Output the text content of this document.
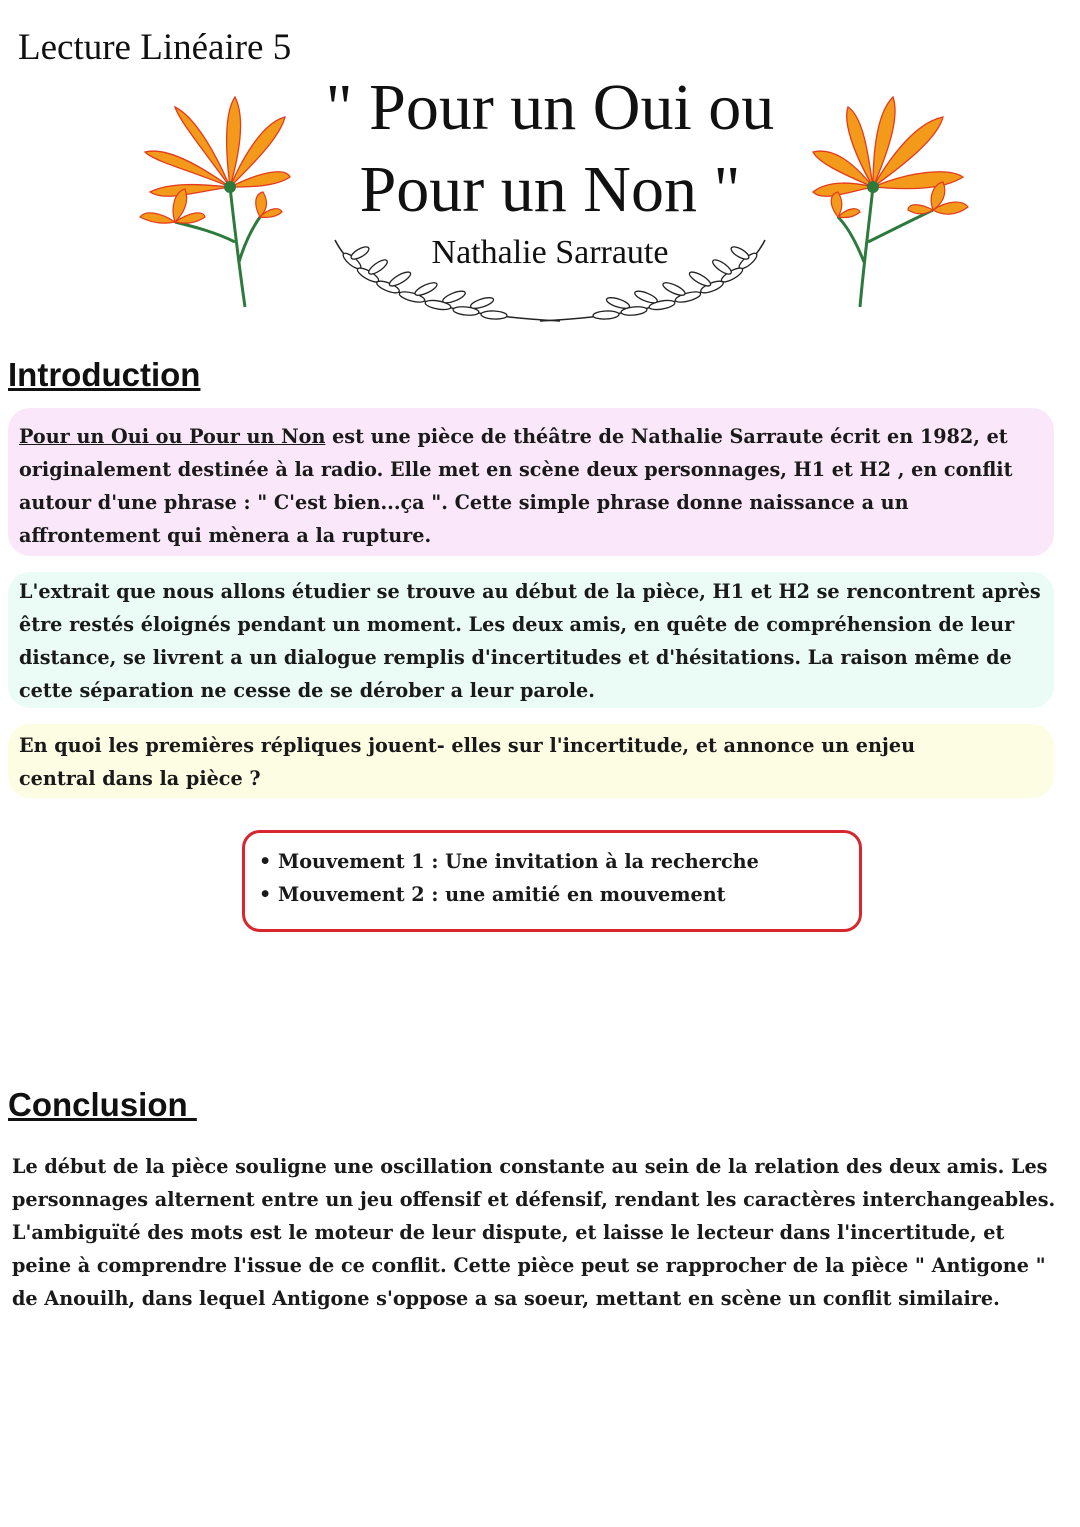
Lecture Linéaire 5
" Pour un Oui ou
Pour un Non "
Nathalie Sarraute
Introduction

Pour un Oui ou Pour un Non est une pièce de théâtre de Nathalie Sarraute écrit en 1982, et originalement destinée à la radio. Elle met en scène deux personnages, H1 et H2 , en conflit autour d'une phrase : " C'est bien...ça ". Cette simple phrase donne naissance a un affrontement qui mènera a la rupture.

L'extrait que nous allons étudier se trouve au début de la pièce, H1 et H2 se rencontrent après être restés éloignés pendant un moment. Les deux amis, en quête de compréhension de leur distance, se livrent a un dialogue remplis d'incertitudes et d'hésitations. La raison même de cette séparation ne cesse de se dérober a leur parole.

En quoi les premières répliques jouent- elles sur l'incertitude, et annonce un enjeu central dans la pièce ?

• Mouvement 1 : Une invitation à la recherche
• Mouvement 2 : une amitié en mouvement
Conclusion
Le début de la pièce souligne une oscillation constante au sein de la relation des deux amis. Les personnages alternent entre un jeu offensif et défensif, rendant les caractères interchangeables. L'ambiguïté des mots est le moteur de leur dispute, et laisse le lecteur dans l'incertitude, et peine à comprendre l'issue de ce conflit. Cette pièce peut se rapprocher de la pièce " Antigone " de Anouilh, dans lequel Antigone s'oppose a sa soeur, mettant en scène un conflit similaire.
